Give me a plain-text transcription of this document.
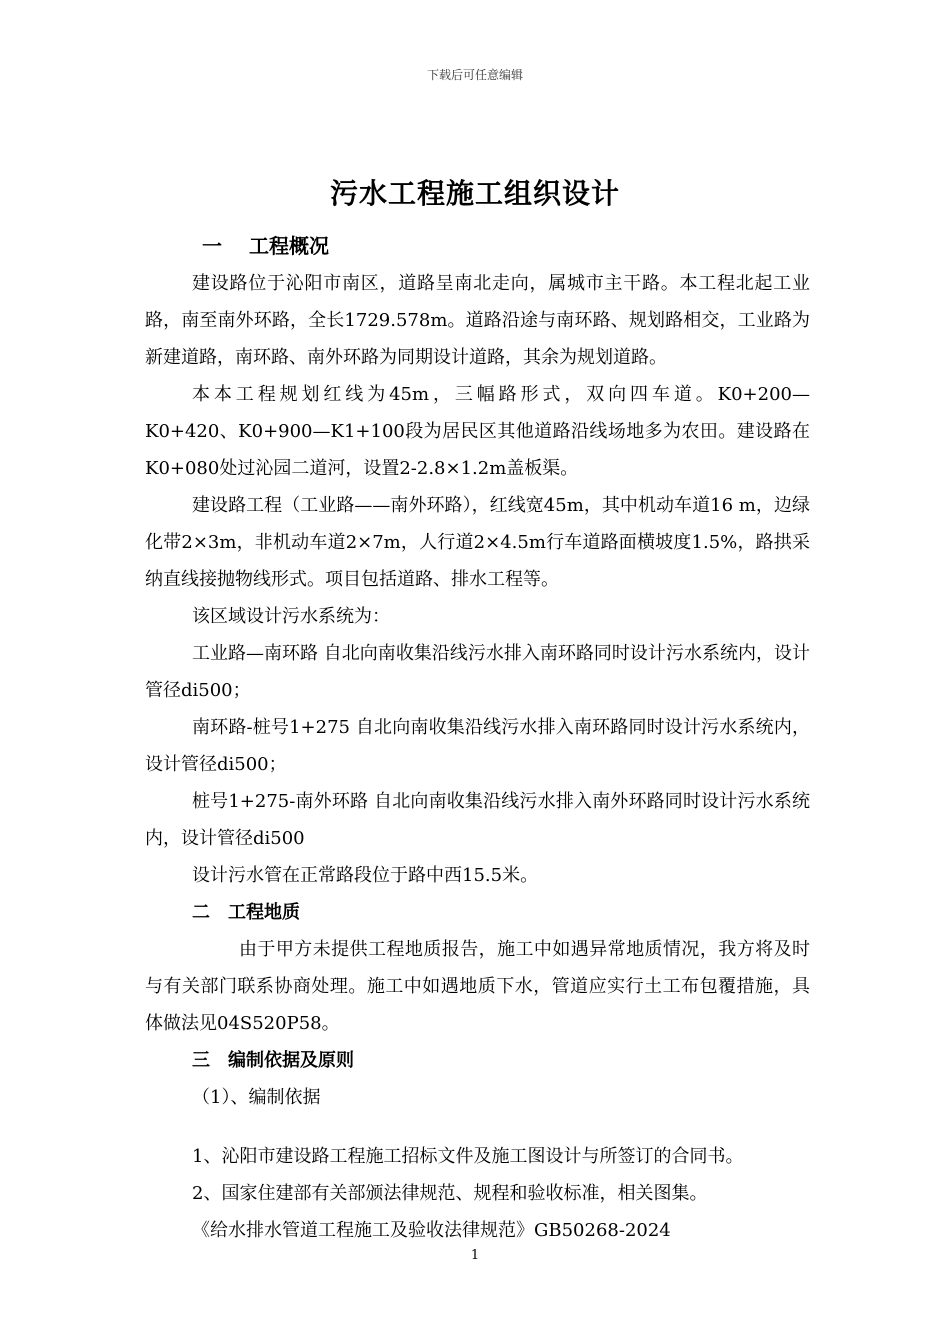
下载后可任意编辑
污水工程施工组织设计

一　 工程概况

建设路位于沁阳市南区，道路呈南北走向，属城市主干路。本工程北起工业路，南至南外环路，全长1729.578m。道路沿途与南环路、规划路相交，工业路为新建道路，南环路、南外环路为同期设计道路，其余为规划道路。

本本工程规划红线为45m，三幅路形式，双向四车道。K0+200—K0+420、K0+900—K1+100段为居民区其他道路沿线场地多为农田。建设路在K0+080处过沁园二道河，设置2-2.8×1.2m盖板渠。

建设路工程（工业路——南外环路），红线宽45m，其中机动车道16 m，边绿化带2×3m，非机动车道2×7m，人行道2×4.5m行车道路面横坡度1.5%，路拱采纳直线接抛物线形式。项目包括道路、排水工程等。

该区域设计污水系统为：

工业路—南环路 自北向南收集沿线污水排入南环路同时设计污水系统内，设计管径di500；

南环路-桩号1+275 自北向南收集沿线污水排入南环路同时设计污水系统内，设计管径di500；

桩号1+275-南外环路 自北向南收集沿线污水排入南外环路同时设计污水系统内，设计管径di500

设计污水管在正常路段位于路中西15.5米。

二　工程地质

由于甲方未提供工程地质报告，施工中如遇异常地质情况，我方将及时与有关部门联系协商处理。施工中如遇地质下水，管道应实行土工布包覆措施，具体做法见04S520P58。

三　编制依据及原则

（1）、编制依据

1、沁阳市建设路工程施工招标文件及施工图设计与所签订的合同书。

2、国家住建部有关部颁法律规范、规程和验收标准，相关图集。

《给水排水管道工程施工及验收法律规范》GB50268-2024

1
